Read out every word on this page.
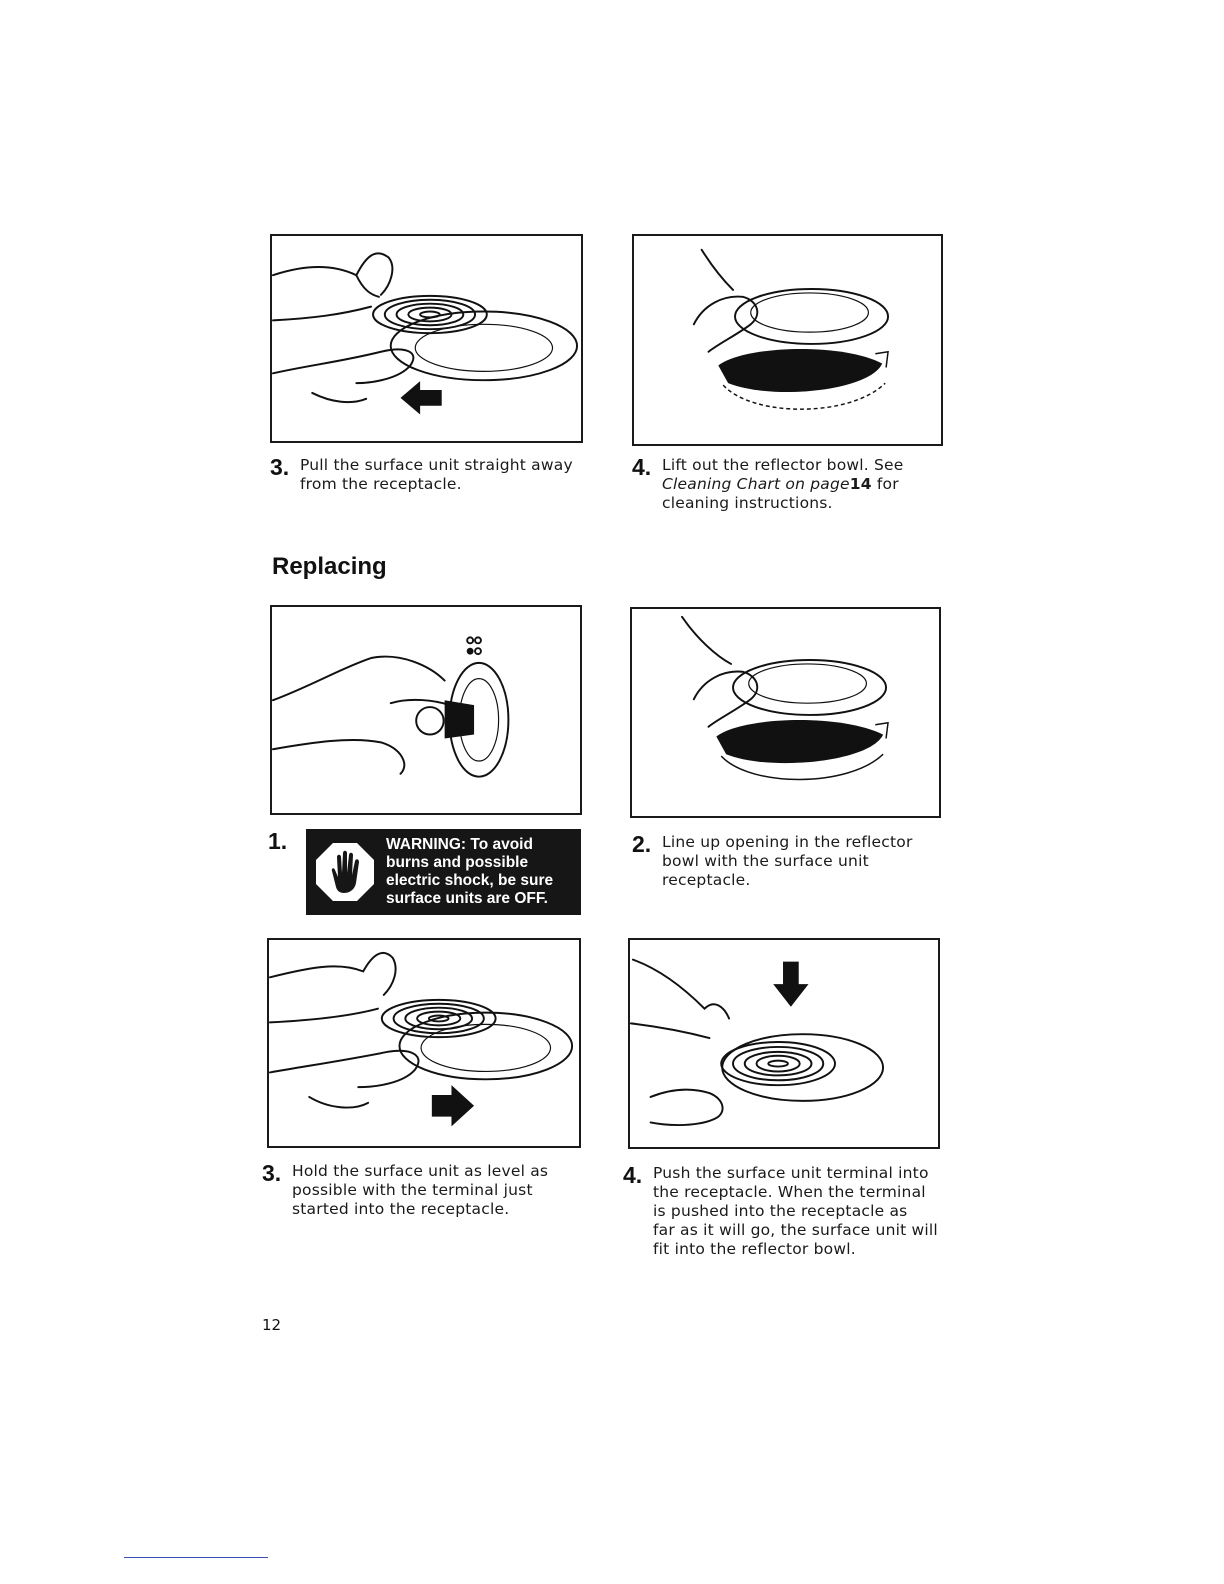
3. Pull the surface unit straight away
from the receptacle.
4. Lift out the reflector bowl. See
Cleaning Chart on page14 for
cleaning instructions.
Replacing
1.	WARNING: To avoid
burns and possible
electric shock, be sure
surface units are OFF.
2. Line up opening in the reflector
bowl with the surface unit
receptacle.
3. Hold the surface unit as level as
possible with the terminal just
started into the receptacle.
4. Push the surface unit terminal into
the receptacle. When the terminal
is pushed into the receptacle as
far as it will go, the surface unit will
fit into the reflector bowl.
12
